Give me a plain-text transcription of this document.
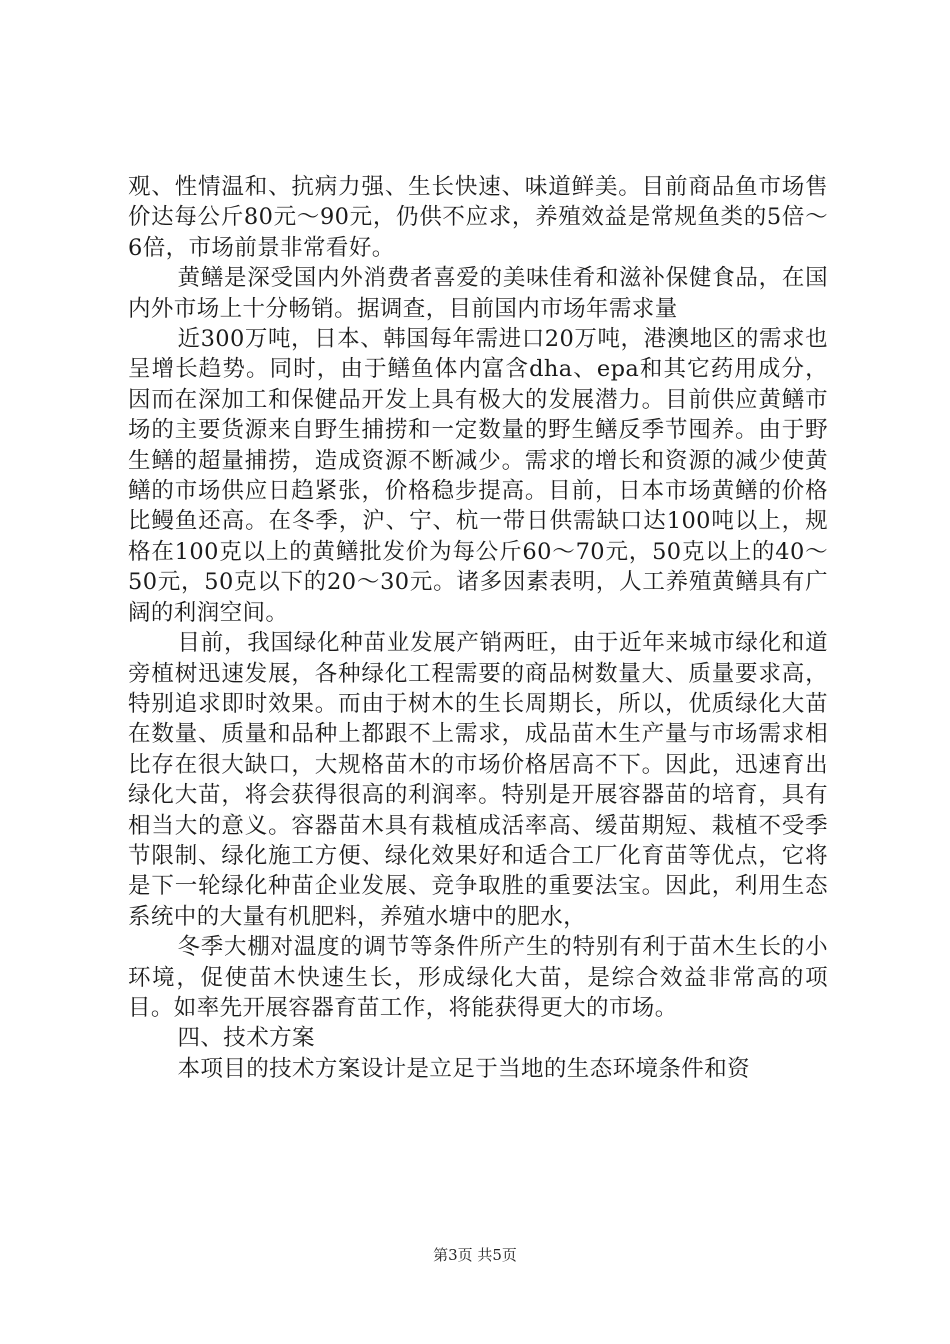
观、性情温和、抗病力强、生长快速、味道鲜美。目前商品鱼市场售价达每公斤80元～90元，仍供不应求，养殖效益是常规鱼类的5倍～6倍，市场前景非常看好。

黄鳝是深受国内外消费者喜爱的美味佳肴和滋补保健食品，在国内外市场上十分畅销。据调查，目前国内市场年需求量

近300万吨，日本、韩国每年需进口20万吨，港澳地区的需求也呈增长趋势。同时，由于鳝鱼体内富含dha、epa和其它药用成分，因而在深加工和保健品开发上具有极大的发展潜力。目前供应黄鳝市场的主要货源来自野生捕捞和一定数量的野生鳝反季节囤养。由于野生鳝的超量捕捞，造成资源不断减少。需求的增长和资源的减少使黄鳝的市场供应日趋紧张，价格稳步提高。目前，日本市场黄鳝的价格比鳗鱼还高。在冬季，沪、宁、杭一带日供需缺口达100吨以上，规格在100克以上的黄鳝批发价为每公斤60～70元，50克以上的40～50元，50克以下的20～30元。诸多因素表明，人工养殖黄鳝具有广阔的利润空间。

目前，我国绿化种苗业发展产销两旺，由于近年来城市绿化和道旁植树迅速发展，各种绿化工程需要的商品树数量大、质量要求高，特别追求即时效果。而由于树木的生长周期长，所以，优质绿化大苗在数量、质量和品种上都跟不上需求，成品苗木生产量与市场需求相比存在很大缺口，大规格苗木的市场价格居高不下。因此，迅速育出绿化大苗，将会获得很高的利润率。特别是开展容器苗的培育，具有相当大的意义。容器苗木具有栽植成活率高、缓苗期短、栽植不受季节限制、绿化施工方便、绿化效果好和适合工厂化育苗等优点，它将是下一轮绿化种苗企业发展、竞争取胜的重要法宝。因此，利用生态系统中的大量有机肥料，养殖水塘中的肥水，

冬季大棚对温度的调节等条件所产生的特别有利于苗木生长的小环境，促使苗木快速生长，形成绿化大苗，是综合效益非常高的项目。如率先开展容器育苗工作，将能获得更大的市场。

四、技术方案

本项目的技术方案设计是立足于当地的生态环境条件和资

第3页 共5页
